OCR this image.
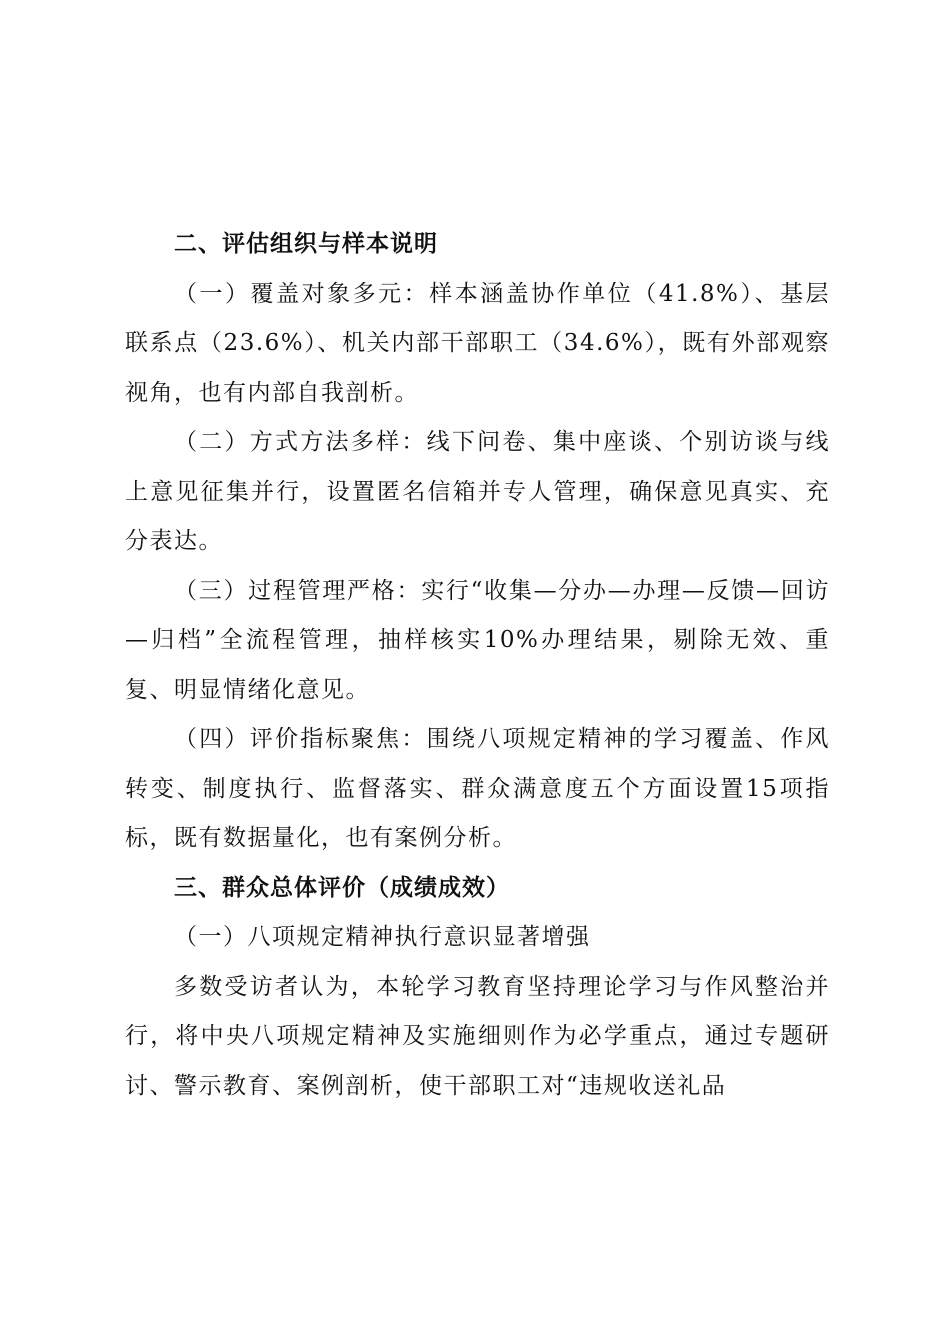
二、评估组织与样本说明

（一）覆盖对象多元：样本涵盖协作单位（41.8%）、基层联系点（23.6%）、机关内部干部职工（34.6%），既有外部观察视角，也有内部自我剖析。

（二）方式方法多样：线下问卷、集中座谈、个别访谈与线上意见征集并行，设置匿名信箱并专人管理，确保意见真实、充分表达。

（三）过程管理严格：实行“收集—分办—办理—反馈—回访—归档”全流程管理，抽样核实10%办理结果，剔除无效、重复、明显情绪化意见。

（四）评价指标聚焦：围绕八项规定精神的学习覆盖、作风转变、制度执行、监督落实、群众满意度五个方面设置15项指标，既有数据量化，也有案例分析。

三、群众总体评价（成绩成效）

（一）八项规定精神执行意识显著增强

多数受访者认为，本轮学习教育坚持理论学习与作风整治并行，将中央八项规定精神及实施细则作为必学重点，通过专题研讨、警示教育、案例剖析，使干部职工对“违规收送礼品
